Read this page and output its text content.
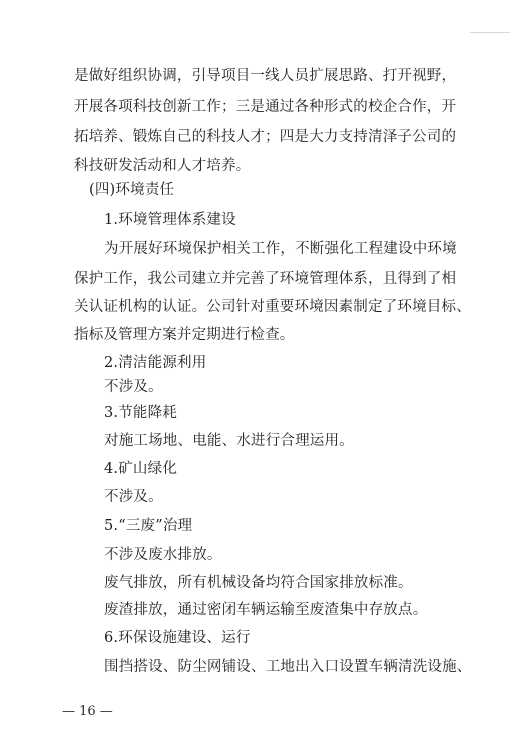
是做好组织协调，引导项目一线人员扩展思路、打开视野，
开展各项科技创新工作；三是通过各种形式的校企合作，开
拓培养、锻炼自己的科技人才；四是大力支持清泽子公司的
科技研发活动和人才培养。
(四)环境责任
1.环境管理体系建设
为开展好环境保护相关工作，不断强化工程建设中环境
保护工作，我公司建立并完善了环境管理体系，且得到了相
关认证机构的认证。公司针对重要环境因素制定了环境目标、
指标及管理方案并定期进行检查。
2.清洁能源利用
不涉及。
3.节能降耗
对施工场地、电能、水进行合理运用。
4.矿山绿化
不涉及。
5.“三废”治理
不涉及废水排放。
废气排放，所有机械设备均符合国家排放标准。
废渣排放，通过密闭车辆运输至废渣集中存放点。
6.环保设施建设、运行
围挡搭设、防尘网铺设、工地出入口设置车辆清洗设施、
— 16 —
